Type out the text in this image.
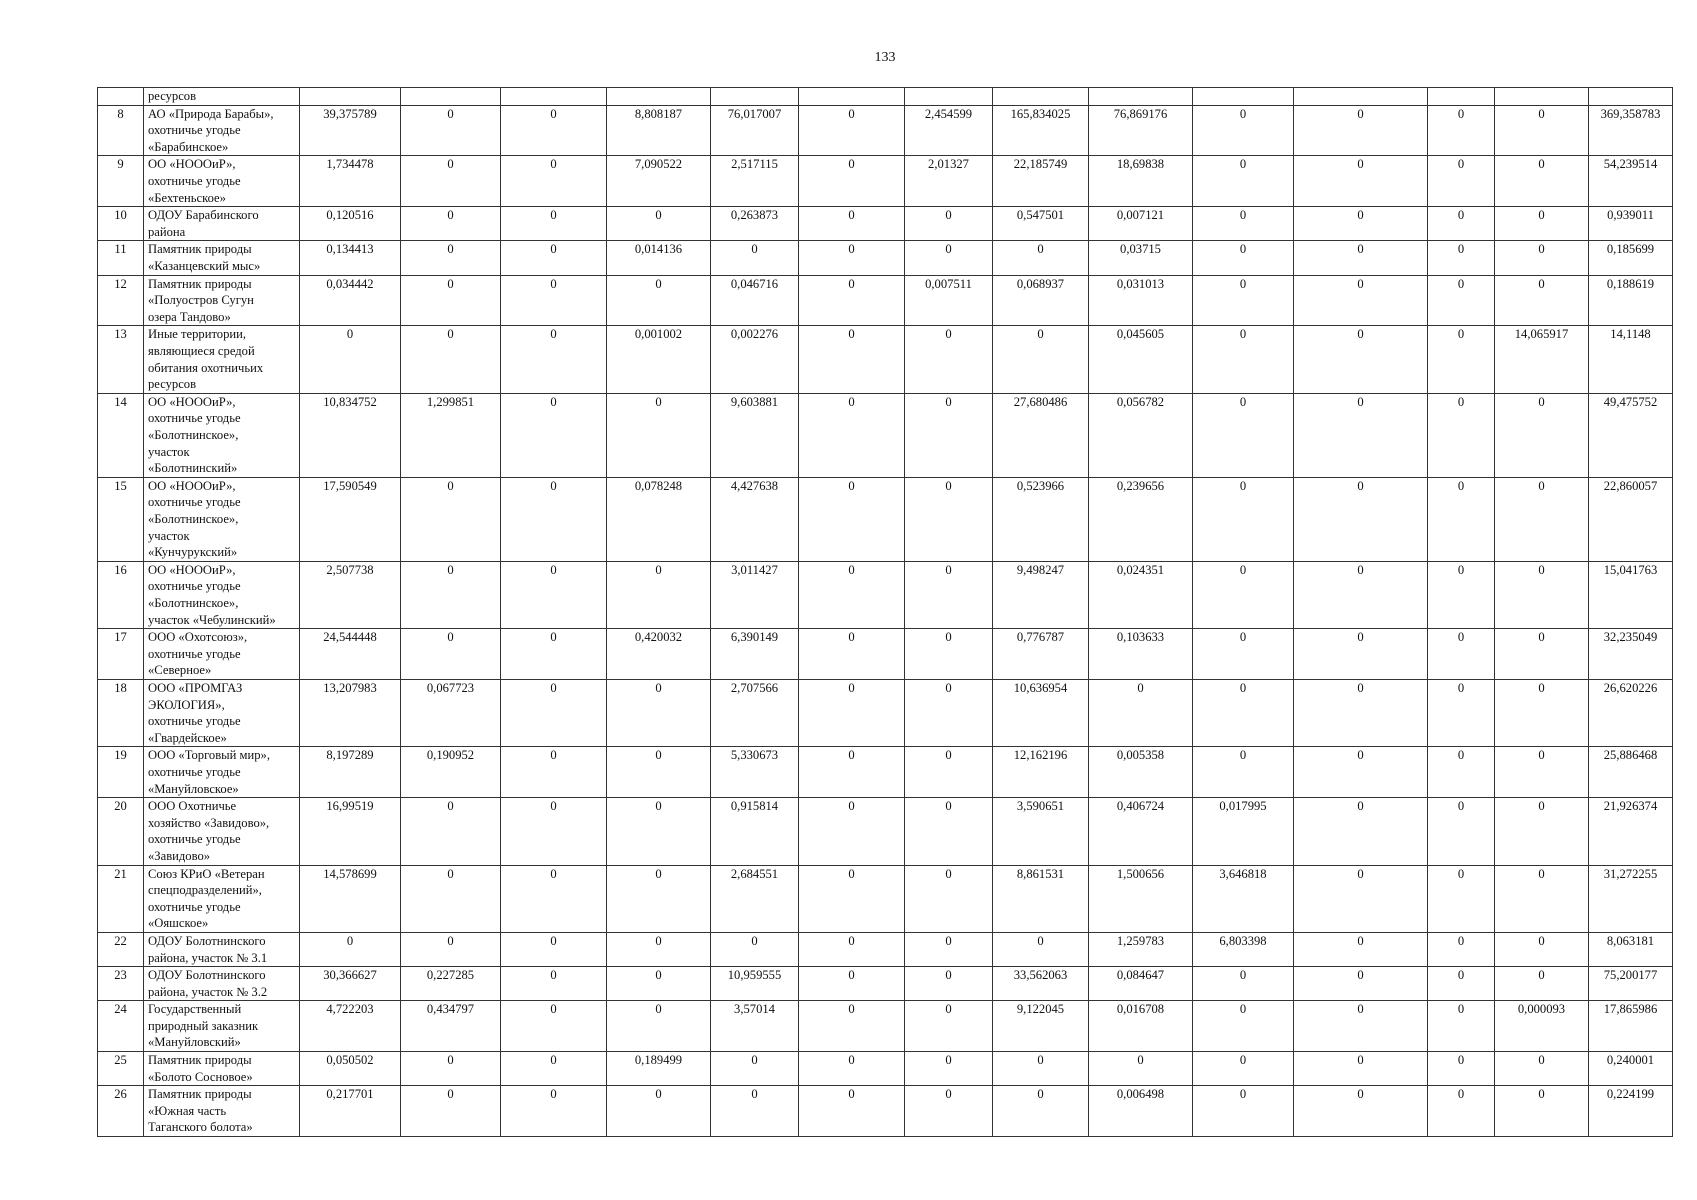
133

	ресурсов														

8	АО «Природа Барабы»,
охотничье угодье
«Барабинское»	39,375789	0	0	8,808187	76,017007	0	2,454599	165,834025	76,869176	0	0	0	0	369,358783
9	ОО «НОООиР»,
охотничье угодье
«Бехтеньское»	1,734478	0	0	7,090522	2,517115	0	2,01327	22,185749	18,69838	0	0	0	0	54,239514
10	ОДОУ Барабинского
района	0,120516	0	0	0	0,263873	0	0	0,547501	0,007121	0	0	0	0	0,939011
11	Памятник природы
«Казанцевский мыс»	0,134413	0	0	0,014136	0	0	0	0	0,03715	0	0	0	0	0,185699
12	Памятник природы
«Полуостров Сугун
озера Тандово»	0,034442	0	0	0	0,046716	0	0,007511	0,068937	0,031013	0	0	0	0	0,188619
13	Иные территории,
являющиеся средой
обитания охотничьих
ресурсов	0	0	0	0,001002	0,002276	0	0	0	0,045605	0	0	0	14,065917	14,1148
14	ОО «НОООиР»,
охотничье угодье
«Болотнинское»,
участок
«Болотнинский»	10,834752	1,299851	0	0	9,603881	0	0	27,680486	0,056782	0	0	0	0	49,475752
15	ОО «НОООиР»,
охотничье угодье
«Болотнинское»,
участок
«Кунчурукский»	17,590549	0	0	0,078248	4,427638	0	0	0,523966	0,239656	0	0	0	0	22,860057
16	ОО «НОООиР»,
охотничье угодье
«Болотнинское»,
участок «Чебулинский»	2,507738	0	0	0	3,011427	0	0	9,498247	0,024351	0	0	0	0	15,041763
17	ООО «Охотсоюз»,
охотничье угодье
«Северное»	24,544448	0	0	0,420032	6,390149	0	0	0,776787	0,103633	0	0	0	0	32,235049
18	ООО «ПРОМГАЗ
ЭКОЛОГИЯ»,
охотничье угодье
«Гвардейское»	13,207983	0,067723	0	0	2,707566	0	0	10,636954	0	0	0	0	0	26,620226
19	ООО «Торговый мир»,
охотничье угодье
«Мануйловское»	8,197289	0,190952	0	0	5,330673	0	0	12,162196	0,005358	0	0	0	0	25,886468
20	ООО Охотничье
хозяйство «Завидово»,
охотничье угодье
«Завидово»	16,99519	0	0	0	0,915814	0	0	3,590651	0,406724	0,017995	0	0	0	21,926374
21	Союз КРиО «Ветеран
спецподразделений»,
охотничье угодье
«Ояшское»	14,578699	0	0	0	2,684551	0	0	8,861531	1,500656	3,646818	0	0	0	31,272255
22	ОДОУ Болотнинского
района, участок № 3.1	0	0	0	0	0	0	0	0	1,259783	6,803398	0	0	0	8,063181
23	ОДОУ Болотнинского
района, участок № 3.2	30,366627	0,227285	0	0	10,959555	0	0	33,562063	0,084647	0	0	0	0	75,200177
24	Государственный
природный заказник
«Мануйловский»	4,722203	0,434797	0	0	3,57014	0	0	9,122045	0,016708	0	0	0	0,000093	17,865986
25	Памятник природы
«Болото Сосновое»	0,050502	0	0	0,189499	0	0	0	0	0	0	0	0	0	0,240001
26	Памятник природы
«Южная часть
Таганского болота»	0,217701	0	0	0	0	0	0	0	0,006498	0	0	0	0	0,224199
